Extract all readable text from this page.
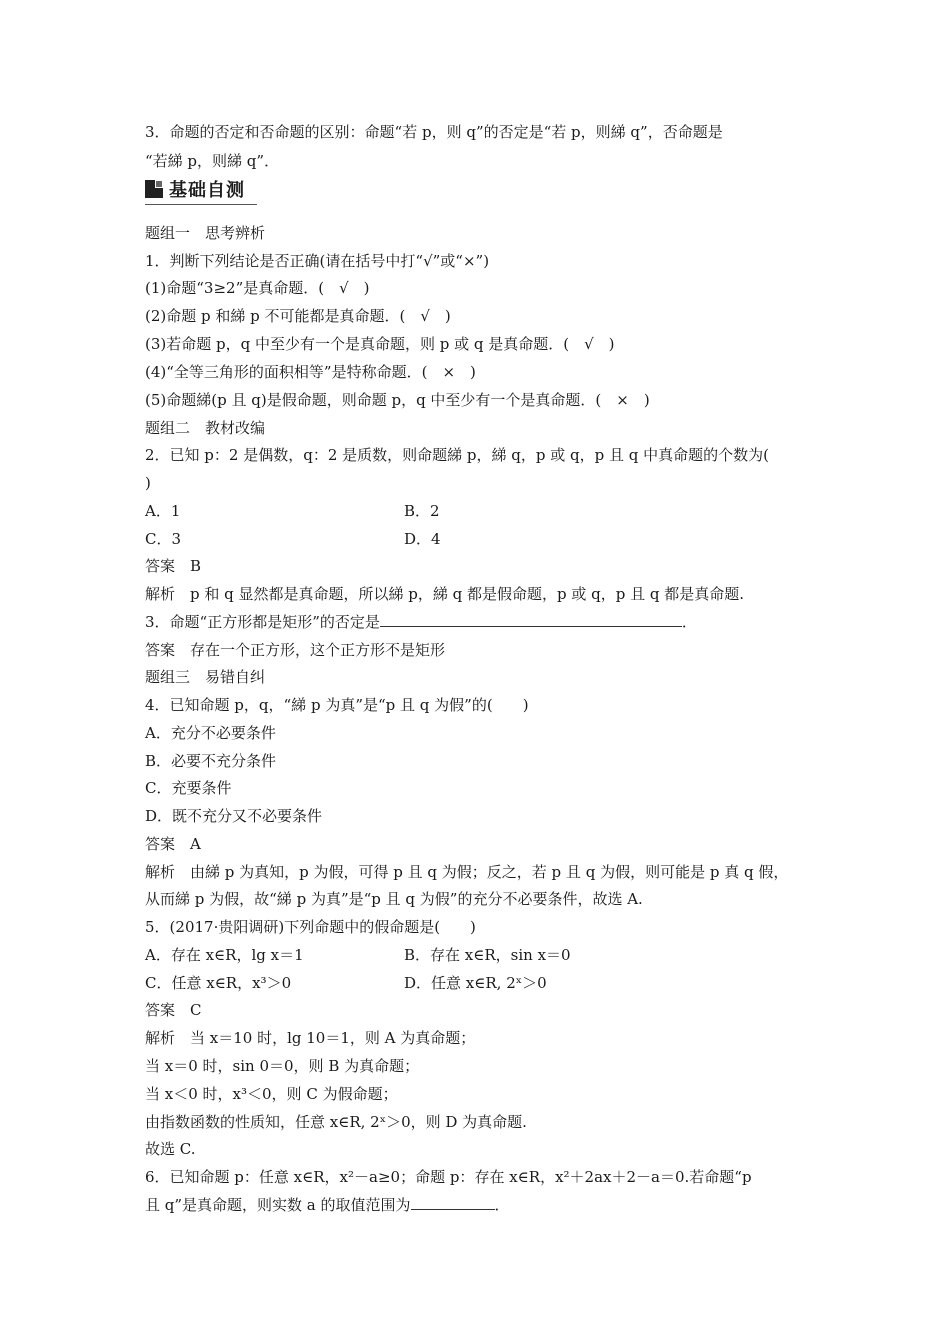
3．命题的否定和否命题的区别：命题“若 p，则 q”的否定是“若 p，则綈 q”，否命题是
“若綈 p，则綈 q”．
基础自测
题组一　思考辨析
1．判断下列结论是否正确(请在括号中打“√”或“×”)
(1)命题“3≥2”是真命题．(　√　)
(2)命题 p 和綈 p 不可能都是真命题．(　√　)
(3)若命题 p，q 中至少有一个是真命题，则 p 或 q 是真命题．(　√　)
(4)“全等三角形的面积相等”是特称命题．(　×　)
(5)命题綈(p 且 q)是假命题，则命题 p，q 中至少有一个是真命题．(　×　)
题组二　教材改编
2．已知 p：2 是偶数，q：2 是质数，则命题綈 p，綈 q，p 或 q，p 且 q 中真命题的个数为(
)
A．1	B．2
C．3	D．4
答案　B
解析　p 和 q 显然都是真命题，所以綈 p，綈 q 都是假命题，p 或 q，p 且 q 都是真命题.
3．命题“正方形都是矩形”的否定是	．
答案　存在一个正方形，这个正方形不是矩形
题组三　易错自纠
4．已知命题 p，q，“綈 p 为真”是“p 且 q 为假”的(　　)
A．充分不必要条件
B．必要不充分条件
C．充要条件
D．既不充分又不必要条件
答案　A
解析　由綈 p 为真知，p 为假，可得 p 且 q 为假；反之，若 p 且 q 为假，则可能是 p 真 q 假，
从而綈 p 为假，故“綈 p 为真”是“p 且 q 为假”的充分不必要条件，故选 A.
5．(2017·贵阳调研)下列命题中的假命题是(　　)
A．存在 x∈R，lg x＝1	B．存在 x∈R，sin x＝0
C．任意 x∈R，x³＞0	D．任意 x∈R, 2ˣ＞0
答案　C
解析　当 x＝10 时，lg 10＝1，则 A 为真命题；
当 x＝0 时，sin 0＝0，则 B 为真命题；
当 x＜0 时，x³＜0，则 C 为假命题；
由指数函数的性质知，任意 x∈R, 2ˣ＞0，则 D 为真命题.
故选 C.
6．已知命题 p：任意 x∈R，x²－a≥0；命题 p：存在 x∈R，x²＋2ax＋2－a＝0.若命题“p
且 q”是真命题，则实数 a 的取值范围为	．
